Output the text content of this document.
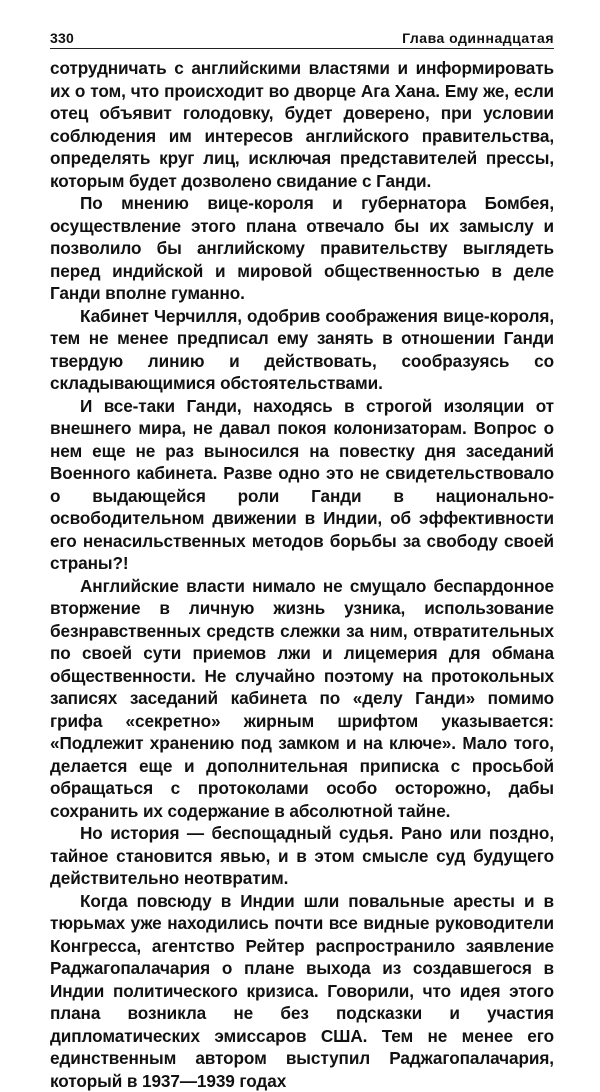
330	Глава одиннадцатая

сотрудничать с английскими властями и информировать их о том, что происходит во дворце Ага Хана. Ему же, если отец объявит голодовку, будет доверено, при условии соблюдения им интересов английского правительства, определять круг лиц, исключая представителей прессы, которым будет дозволено свидание с Ганди.

По мнению вице-короля и губернатора Бомбея, осуществление этого плана отвечало бы их замыслу и позволило бы английскому правительству выглядеть перед индийской и мировой общественностью в деле Ганди вполне гуманно.

Кабинет Черчилля, одобрив соображения вице-короля, тем не менее предписал ему занять в отношении Ганди твердую линию и действовать, сообразуясь со складывающимися обстоятельствами.

И все-таки Ганди, находясь в строгой изоляции от внешнего мира, не давал покоя колонизаторам. Вопрос о нем еще не раз выносился на повестку дня заседаний Военного кабинета. Разве одно это не свидетельствовало о выдающейся роли Ганди в национально-освободительном движении в Индии, об эффективности его ненасильственных методов борьбы за свободу своей страны?!

Английские власти нимало не смущало беспардонное вторжение в личную жизнь узника, использование безнравственных средств слежки за ним, отвратительных по своей сути приемов лжи и лицемерия для обмана общественности. Не случайно поэтому на протокольных записях заседаний кабинета по «делу Ганди» помимо грифа «секретно» жирным шрифтом указывается: «Подлежит хранению под замком и на ключе». Мало того, делается еще и дополнительная приписка с просьбой обращаться с протоколами особо осторожно, дабы сохранить их содержание в абсолютной тайне.

Но история — беспощадный судья. Рано или поздно, тайное становится явью, и в этом смысле суд будущего действительно неотвратим.

Когда повсюду в Индии шли повальные аресты и в тюрьмах уже находились почти все видные руководители Конгресса, агентство Рейтер распространило заявление Раджагопалачария о плане выхода из создавшегося в Индии политического кризиса. Говорили, что идея этого плана возникла не без подсказки и участия дипломатических эмиссаров США. Тем не менее его единственным автором выступил Раджагопалачария, который в 1937—1939 годах
